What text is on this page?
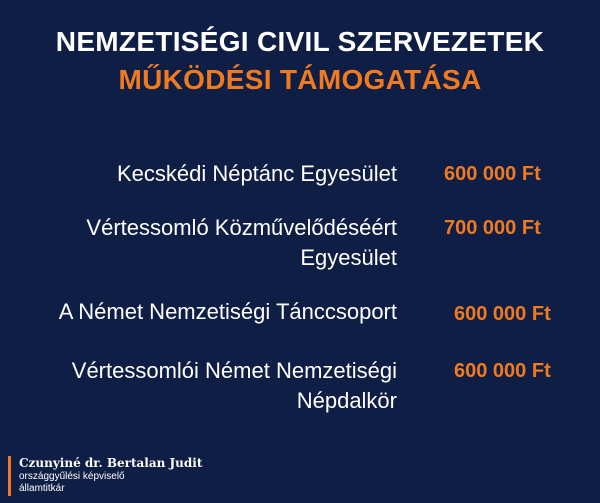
NEMZETISÉGI CIVIL SZERVEZETEK
MŰKÖDÉSI TÁMOGATÁSA
Kecskédi Néptánc Egyesület 600 000 Ft
Vértessomló Közművelődéséért
Egyesület
700 000 Ft
A Német Nemzetiségi Tánccsoport	600 000 Ft
Vértessomlói Német Nemzetiségi
Népdalkör
600 000 Ft
Czunyiné dr. Bertalan Judit
országgyűlési képviselő
államtitkár
